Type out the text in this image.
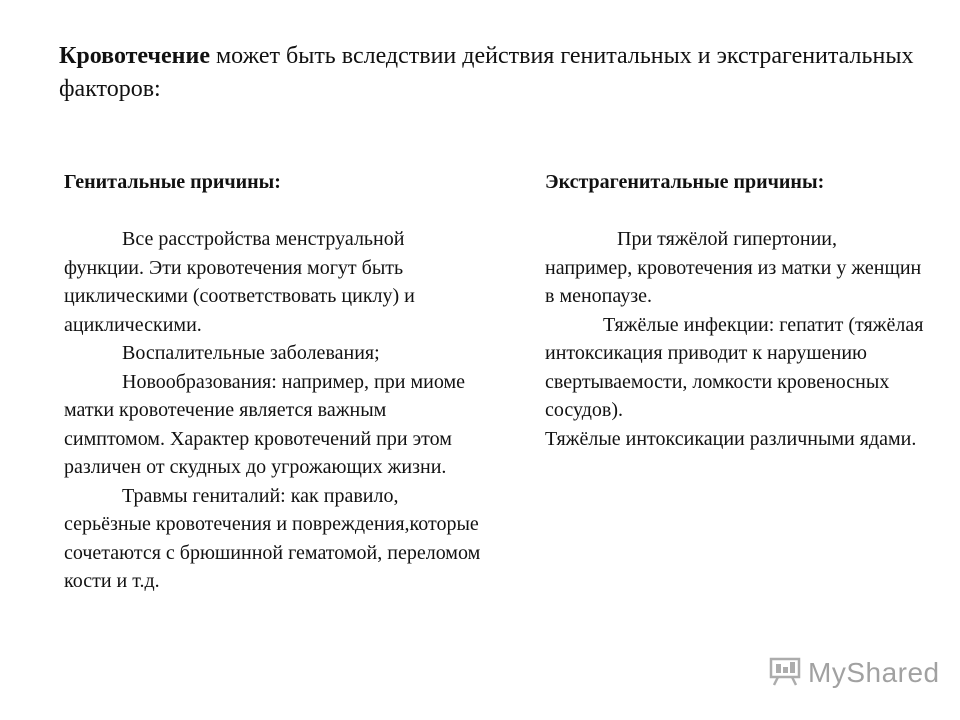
Кровотечение может быть вследствии действия генитальных и экстрагенитальных факторов:

Генитальные причины:

Все расстройства менструальной функции. Эти кровотечения могут быть циклическими (соответствовать циклу) и ациклическими.

Воспалительные заболевания;

Новообразования: например, при миоме матки кровотечение является важным симптомом. Характер кровотечений при этом различен от скудных до угрожающих жизни.

Травмы гениталий: как правило, серьёзные кровотечения и повреждения,которые сочетаются с брюшинной гематомой, переломом кости и т.д.

Экстрагенитальные причины:

При тяжёлой гипертонии, например, кровотечения из матки у женщин в менопаузе.

Тяжёлые инфекции: гепатит (тяжёлая интоксикация приводит к нарушению свертываемости, ломкости кровеносных сосудов).

Тяжёлые интоксикации различными ядами.

MyShared
